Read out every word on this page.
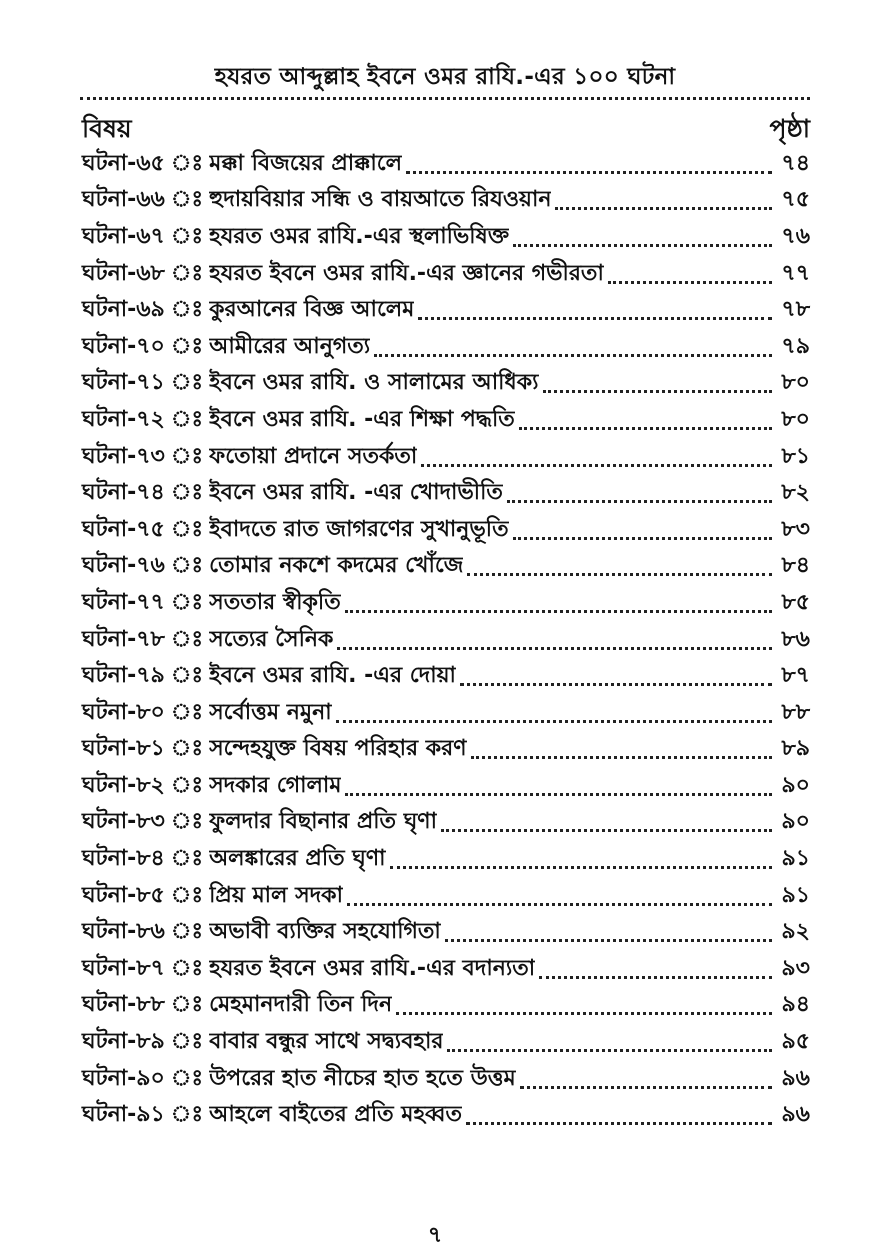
হযরত আব্দুল্লাহ ইবনে ওমর রাযি.-এর ১০০ ঘটনা
বিষয়	পৃষ্ঠা
ঘটনা-৬৫ ঃ মক্কা বিজয়ের প্রাক্কালে	৭৪
ঘটনা-৬৬ ঃ হুদায়বিয়ার সন্ধি ও বায়আতে রিযওয়ান	৭৫
ঘটনা-৬৭ ঃ হযরত ওমর রাযি.-এর স্থলাভিষিক্ত	৭৬
ঘটনা-৬৮ ঃ হযরত ইবনে ওমর রাযি.-এর জ্ঞানের গভীরতা	৭৭
ঘটনা-৬৯ ঃ কুরআনের বিজ্ঞ আলেম	৭৮
ঘটনা-৭০ ঃ আমীরের আনুগত্য	৭৯
ঘটনা-৭১ ঃ ইবনে ওমর রাযি. ও সালামের আধিক্য	৮০
ঘটনা-৭২ ঃ ইবনে ওমর রাযি. -এর শিক্ষা পদ্ধতি	৮০
ঘটনা-৭৩ ঃ ফতোয়া প্রদানে সতর্কতা	৮১
ঘটনা-৭৪ ঃ ইবনে ওমর রাযি. -এর খোদাভীতি	৮২
ঘটনা-৭৫ ঃ ইবাদতে রাত জাগরণের সুখানুভূতি	৮৩
ঘটনা-৭৬ ঃ তোমার নকশে কদমের খোঁজে	৮৪
ঘটনা-৭৭ ঃ সততার স্বীকৃতি	৮৫
ঘটনা-৭৮ ঃ সত্যের সৈনিক	৮৬
ঘটনা-৭৯ ঃ ইবনে ওমর রাযি. -এর দোয়া	৮৭
ঘটনা-৮০ ঃ সর্বোত্তম নমুনা	৮৮
ঘটনা-৮১ ঃ সন্দেহযুক্ত বিষয় পরিহার করণ	৮৯
ঘটনা-৮২ ঃ সদকার গোলাম	৯০
ঘটনা-৮৩ ঃ ফুলদার বিছানার প্রতি ঘৃণা	৯০
ঘটনা-৮৪ ঃ অলঙ্কারের প্রতি ঘৃণা	৯১
ঘটনা-৮৫ ঃ প্রিয় মাল সদকা	৯১
ঘটনা-৮৬ ঃ অভাবী ব্যক্তির সহযোগিতা	৯২
ঘটনা-৮৭ ঃ হযরত ইবনে ওমর রাযি.-এর বদান্যতা	৯৩
ঘটনা-৮৮ ঃ মেহমানদারী তিন দিন	৯৪
ঘটনা-৮৯ ঃ বাবার বন্ধুর সাথে সদ্ব্যবহার	৯৫
ঘটনা-৯০ ঃ উপরের হাত নীচের হাত হতে উত্তম	৯৬
ঘটনা-৯১ ঃ আহলে বাইতের প্রতি মহব্বত	৯৬
৭
